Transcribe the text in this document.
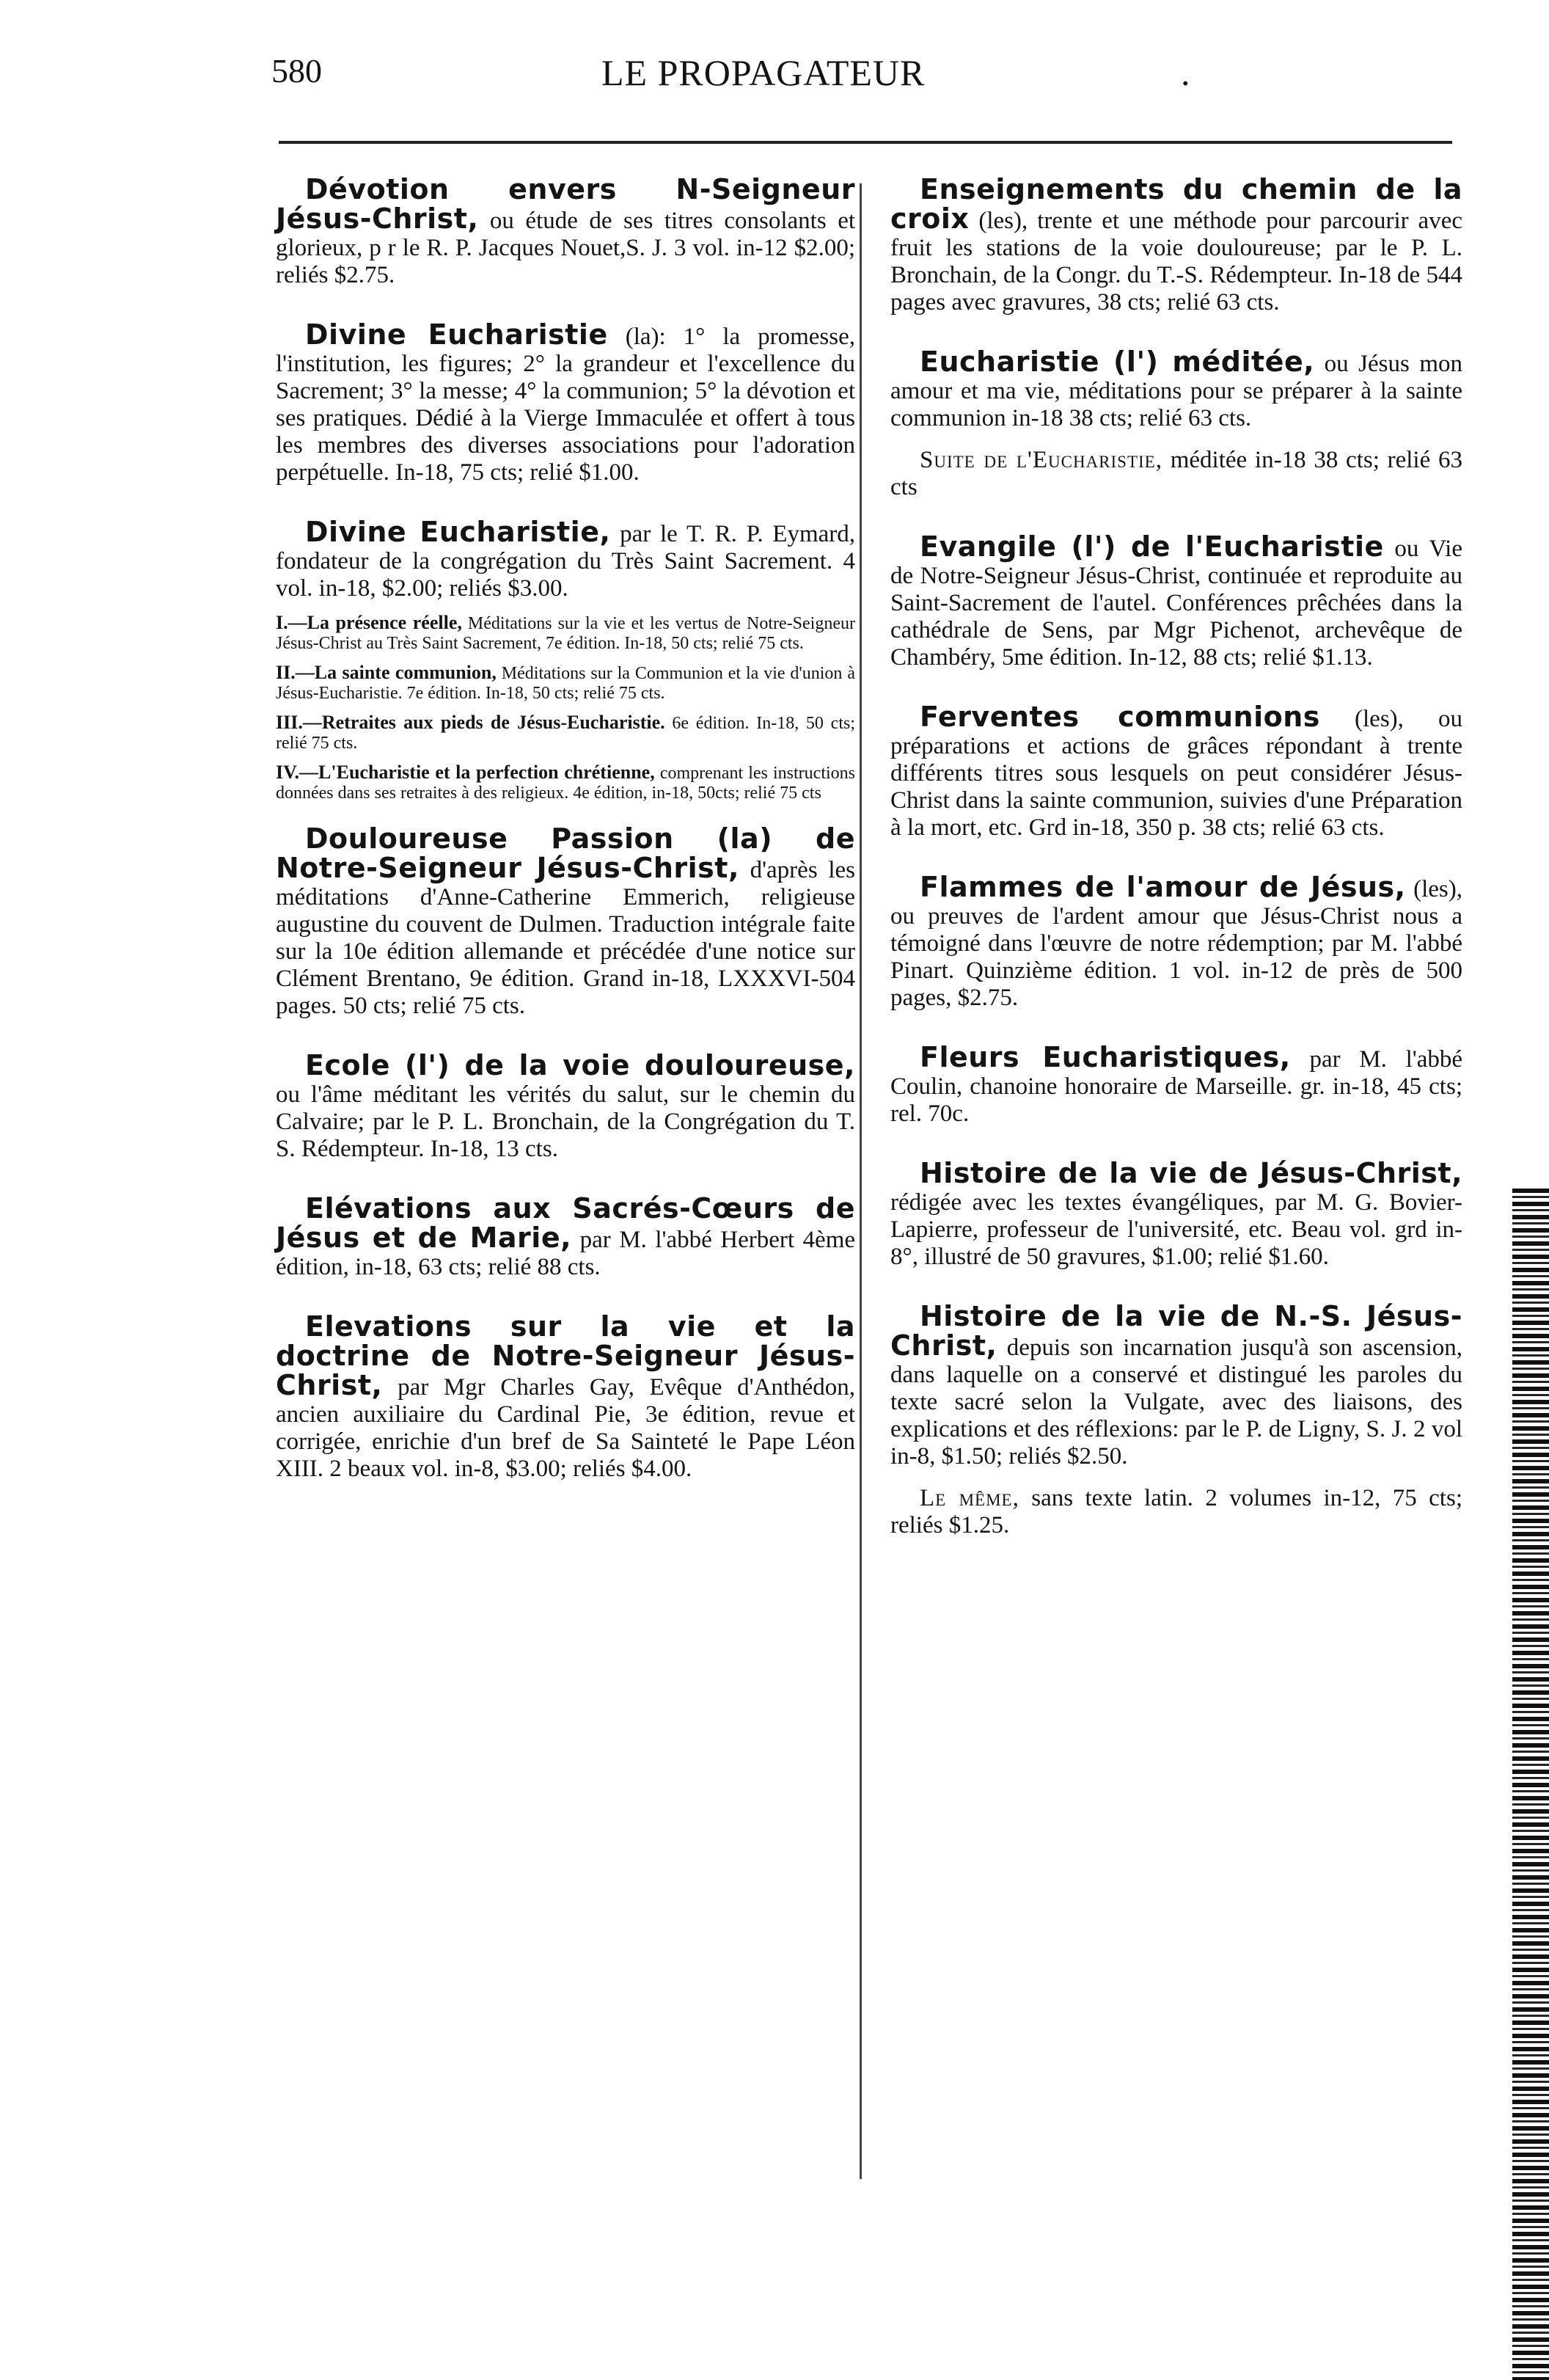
580	LE PROPAGATEUR	.

Dévotion envers N-Seigneur Jésus-Christ, ou étude de ses titres consolants et glorieux, p r le R. P. Jacques Nouet,S. J. 3 vol. in-12 $2.00; reliés $2.75.

Divine Eucharistie (la): 1° la promesse, l'institution, les figures; 2° la grandeur et l'excellence du Sacrement; 3° la messe; 4° la communion; 5° la dévotion et ses pratiques. Dédié à la Vierge Immaculée et offert à tous les membres des diverses associations pour l'adoration perpétuelle. In-18, 75 cts; relié $1.00.

Divine Eucharistie, par le T. R. P. Eymard, fondateur de la congrégation du Très Saint Sacrement. 4 vol. in-18, $2.00; reliés $3.00.

I.—La présence réelle, Méditations sur la vie et les vertus de Notre-Seigneur Jésus-Christ au Très Saint Sacrement, 7e édition. In-18, 50 cts; relié 75 cts.
II.—La sainte communion, Méditations sur la Communion et la vie d'union à Jésus-Eucharistie. 7e édition. In-18, 50 cts; relié 75 cts.
III.—Retraites aux pieds de Jésus-Eucharistie. 6e édition. In-18, 50 cts; relié 75 cts.
IV.—L'Eucharistie et la perfection chrétienne, comprenant les instructions données dans ses retraites à des religieux. 4e édition, in-18, 50cts; relié 75 cts

Douloureuse Passion (la) de Notre-Seigneur Jésus-Christ, d'après les méditations d'Anne-Catherine Emmerich, religieuse augustine du couvent de Dulmen. Traduction intégrale faite sur la 10e édition allemande et précédée d'une notice sur Clément Brentano, 9e édition. Grand in-18, LXXXVI-504 pages. 50 cts; relié 75 cts.

Ecole (l') de la voie douloureuse, ou l'âme méditant les vérités du salut, sur le chemin du Calvaire; par le P. L. Bronchain, de la Congrégation du T. S. Rédempteur. In-18, 13 cts.

Elévations aux Sacrés-Cœurs de Jésus et de Marie, par M. l'abbé Herbert 4ème édition, in-18, 63 cts; relié 88 cts.

Elevations sur la vie et la doctrine de Notre-Seigneur Jésus-Christ, par Mgr Charles Gay, Evêque d'Anthédon, ancien auxiliaire du Cardinal Pie, 3e édition, revue et corrigée, enrichie d'un bref de Sa Sainteté le Pape Léon XIII. 2 beaux vol. in-8, $3.00; reliés $4.00.

Enseignements du chemin de la croix (les), trente et une méthode pour parcourir avec fruit les stations de la voie douloureuse; par le P. L. Bronchain, de la Congr. du T.-S. Rédempteur. In-18 de 544 pages avec gravures, 38 cts; relié 63 cts.

Eucharistie (l') méditée, ou Jésus mon amour et ma vie, méditations pour se préparer à la sainte communion in-18 38 cts; relié 63 cts.

Suite de l'Eucharistie, méditée in-18 38 cts; relié 63 cts

Evangile (l') de l'Eucharistie ou Vie de Notre-Seigneur Jésus-Christ, continuée et reproduite au Saint-Sacrement de l'autel. Conférences prêchées dans la cathédrale de Sens, par Mgr Pichenot, archevêque de Chambéry, 5me édition. In-12, 88 cts; relié $1.13.

Ferventes communions (les), ou préparations et actions de grâces répondant à trente différents titres sous lesquels on peut considérer Jésus-Christ dans la sainte communion, suivies d'une Préparation à la mort, etc. Grd in-18, 350 p. 38 cts; relié 63 cts.

Flammes de l'amour de Jésus, (les), ou preuves de l'ardent amour que Jésus-Christ nous a témoigné dans l'œuvre de notre rédemption; par M. l'abbé Pinart. Quinzième édition. 1 vol. in-12 de près de 500 pages, $2.75.

Fleurs Eucharistiques, par M. l'abbé Coulin, chanoine honoraire de Marseille. gr. in-18, 45 cts; rel. 70c.

Histoire de la vie de Jésus-Christ, rédigée avec les textes évangéliques, par M. G. Bovier-Lapierre, professeur de l'université, etc. Beau vol. grd in-8°, illustré de 50 gravures, $1.00; relié $1.60.

Histoire de la vie de N.-S. Jésus-Christ, depuis son incarnation jusqu'à son ascension, dans laquelle on a conservé et distingué les paroles du texte sacré selon la Vulgate, avec des liaisons, des explications et des réflexions: par le P. de Ligny, S. J. 2 vol in-8, $1.50; reliés $2.50.

Le même, sans texte latin. 2 volumes in-12, 75 cts; reliés $1.25.
